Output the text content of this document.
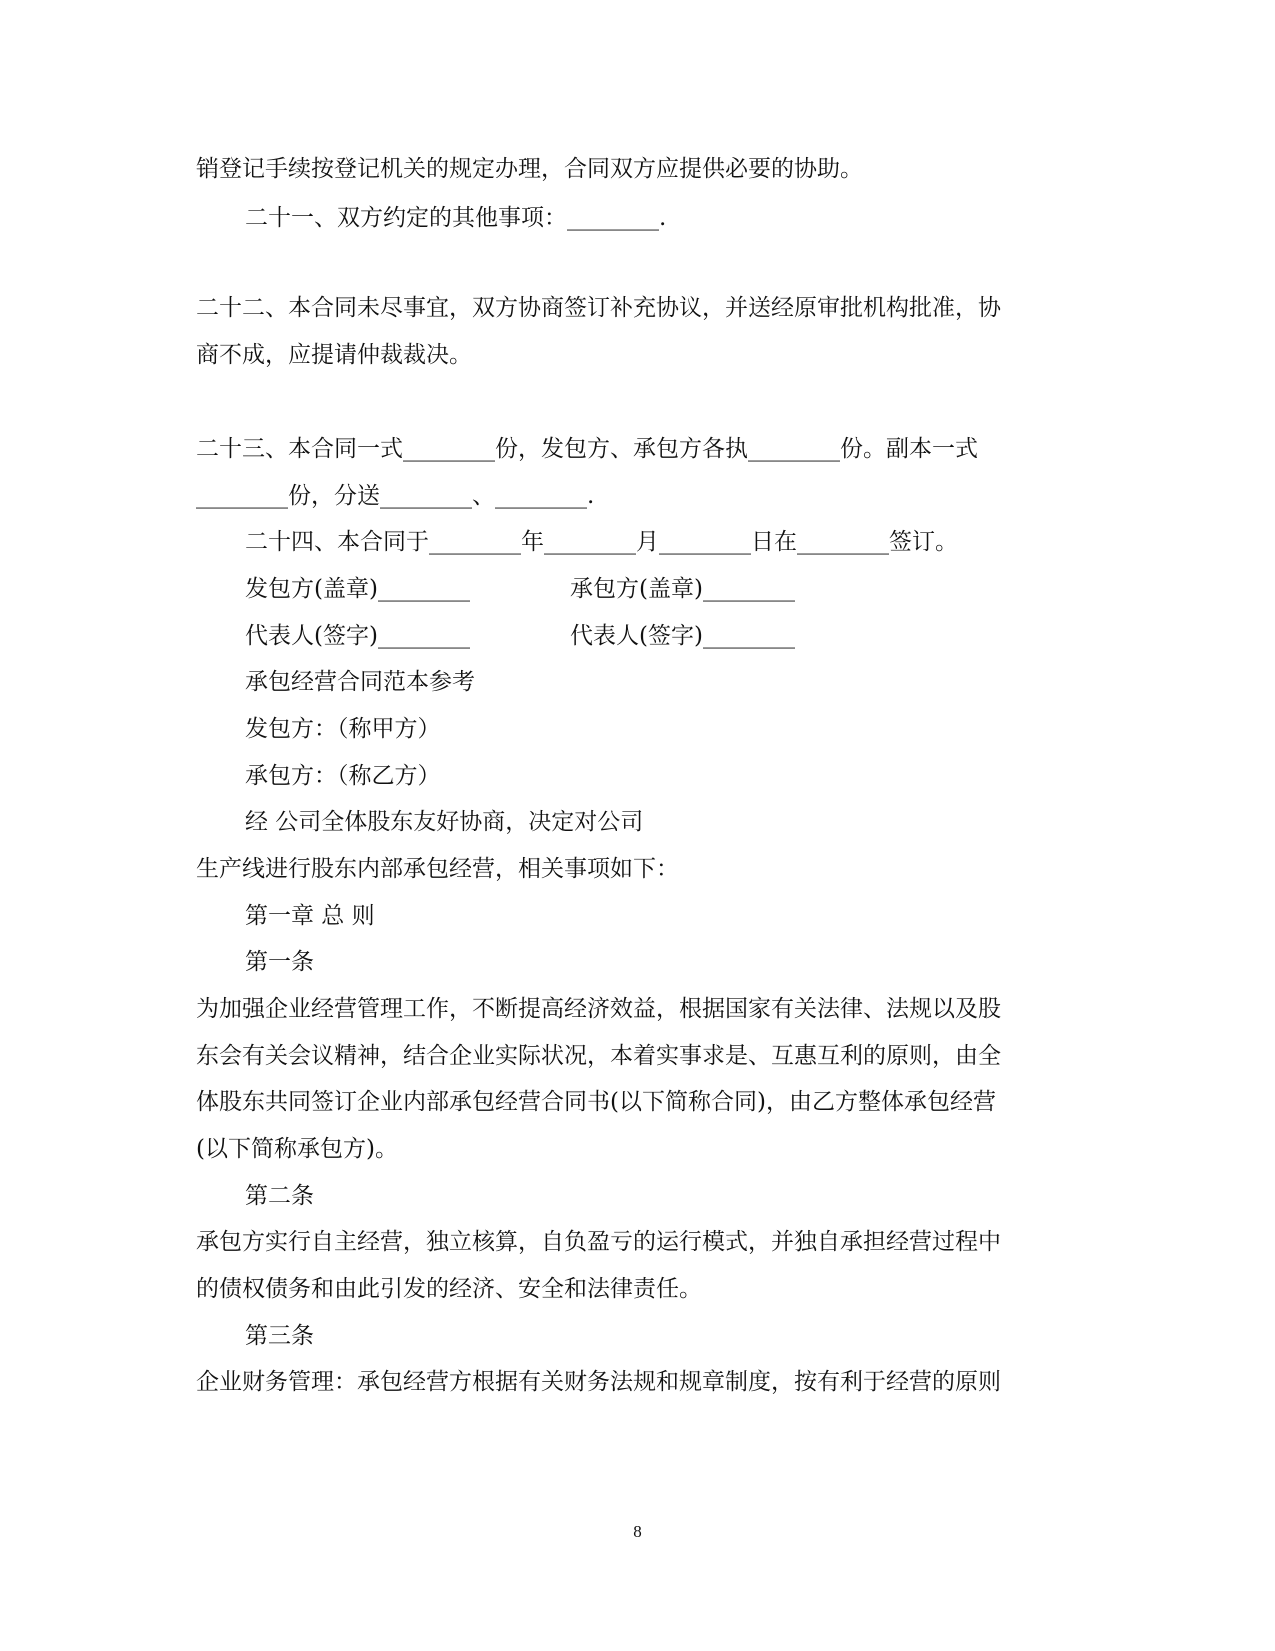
销登记手续按登记机关的规定办理，合同双方应提供必要的协助。
二十一、双方约定的其他事项：________.
二十二、本合同未尽事宜，双方协商签订补充协议，并送经原审批机构批准，协
商不成，应提请仲裁裁决。
二十三、本合同一式________份，发包方、承包方各执________份。副本一式
________份，分送________、________.
二十四、本合同于________年________月________日在________签订。
发包方(盖章)________	承包方(盖章)________
代表人(签字)________	代表人(签字)________
承包经营合同范本参考
发包方：（称甲方）
承包方：（称乙方）
经 公司全体股东友好协商，决定对公司
生产线进行股东内部承包经营，相关事项如下：
第一章 总 则
第一条
为加强企业经营管理工作，不断提高经济效益，根据国家有关法律、法规以及股
东会有关会议精神，结合企业实际状况，本着实事求是、互惠互利的原则，由全
体股东共同签订企业内部承包经营合同书(以下简称合同)，由乙方整体承包经营
(以下简称承包方)。
第二条
承包方实行自主经营，独立核算，自负盈亏的运行模式，并独自承担经营过程中
的债权债务和由此引发的经济、安全和法律责任。
第三条
企业财务管理：承包经营方根据有关财务法规和规章制度，按有利于经营的原则
8
